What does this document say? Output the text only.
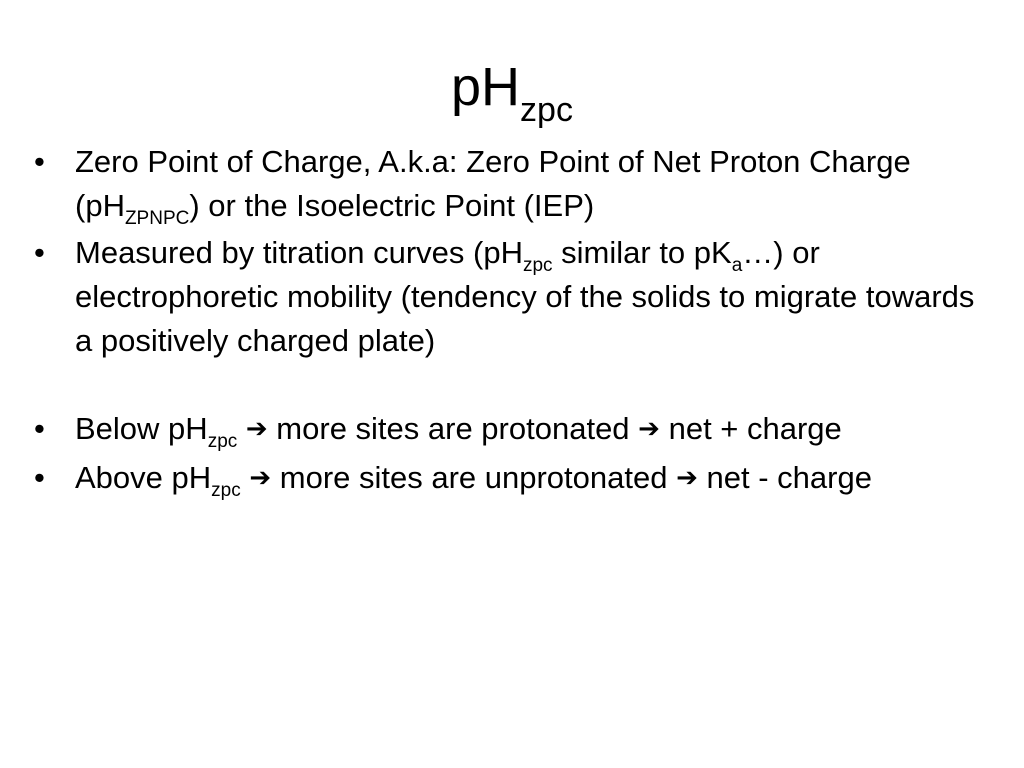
$pH_{zpc}$
• Zero Point of Charge, A.k.a: Zero Point of Net Proton Charge $(pH_{ZPNPC})$ or the Isoelectric Point (IEP)
• Measured by titration curves ($pH_{zpc}$ similar to $pK_a\dots$) or electrophoretic mobility (tendency of the solids to migrate towards a positively charged plate)
• Below $pH_{zpc}$ ➔ more sites are protonated ➔ net + charge
• Above $pH_{zpc}$ ➔ more sites are unprotonated ➔ net - charge
